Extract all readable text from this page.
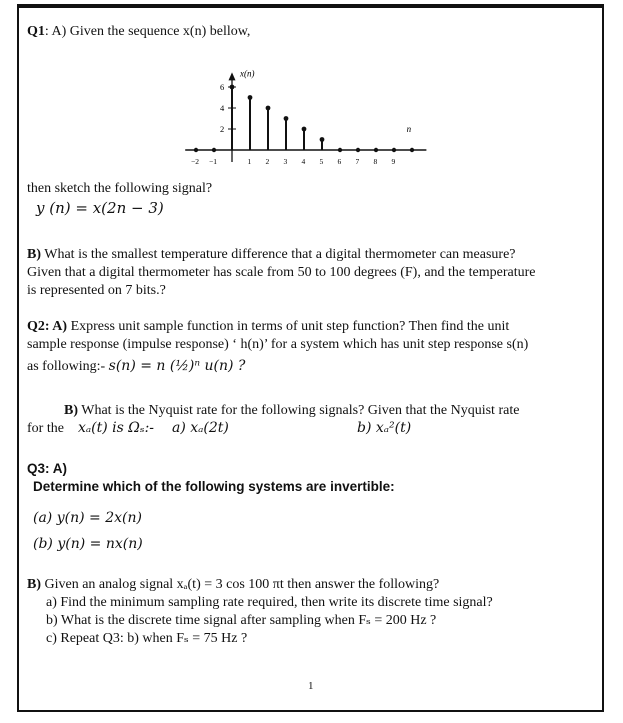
Q1: A) Given the sequence x(n) bellow,
x(n)
n
2
4
6
−2 −1	1 2 3 4 5 6 7 8 9
then sketch the following signal?
y (n) = x(2n − 3)
B) What is the smallest temperature difference that a digital thermometer can measure?
Given that a digital thermometer has scale from 50 to 100 degrees (F), and the temperature
is represented on 7 bits.?
Q2: A) Express unit sample function in terms of unit step function? Then find the unit
sample response (impulse response) ‘ h(n)’ for a system which has unit step response s(n)
as following:- s(n) = n (½)ⁿ u(n) ?
B) What is the Nyquist rate for the following signals? Given that the Nyquist rate
for the xₐ(t) is Ωₛ:- a) xₐ(2t)	b) xₐ²(t)
Q3: A)
Determine which of the following systems are invertible:
(a) y(n) = 2x(n)
(b) y(n) = nx(n)
B) Given an analog signal xₐ(t) = 3 cos 100 πt then answer the following?
a) Find the minimum sampling rate required, then write its discrete time signal?
b) What is the discrete time signal after sampling when Fₛ = 200 Hz ?
c) Repeat Q3: b) when Fₛ = 75 Hz ?
1
